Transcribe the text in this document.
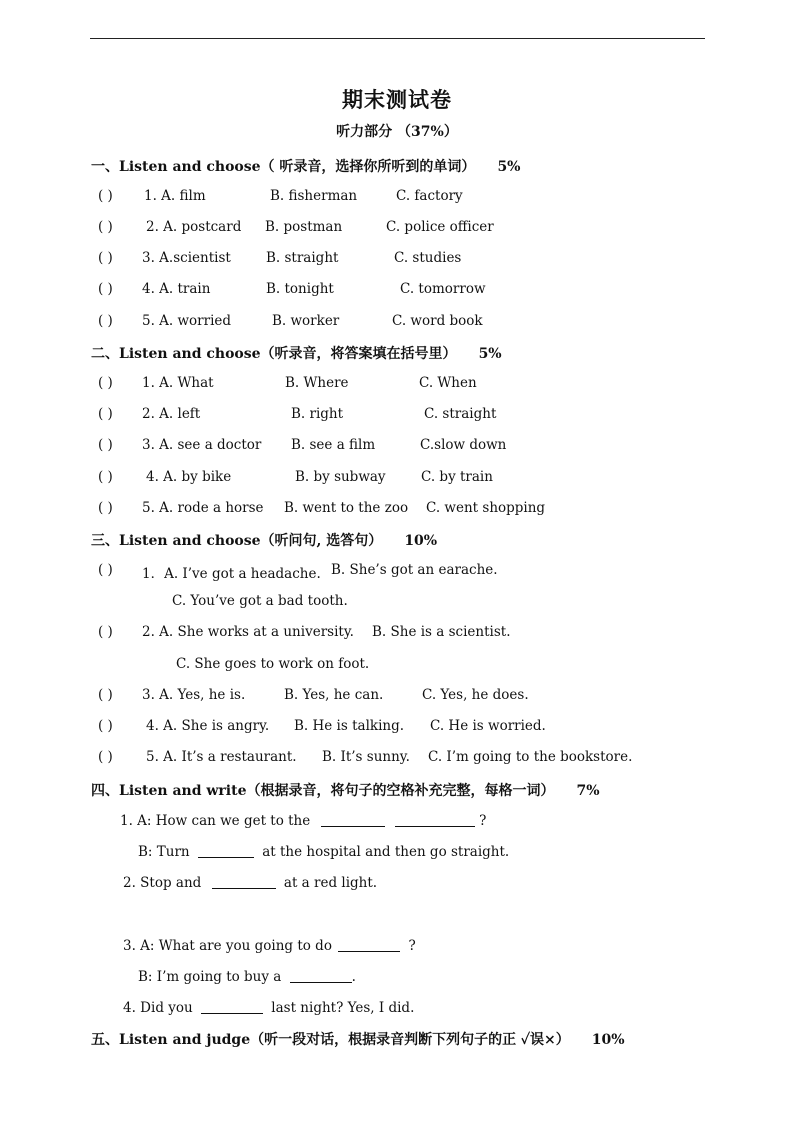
期末测试卷
听力部分 （37%）
一、Listen and choose（ 听录音，选择你所听到的单词） 5%
( ) 1. A. film	B. fisherman	C. factory
( ) 2. A. postcard B. postman	C. police officer
( ) 3. A.scientist	B. straight	C. studies
( ) 4. A. train	B. tonight	C. tomorrow
( ) 5. A. worried	B. worker	C. word book
二、Listen and choose（听录音，将答案填在括号里） 5%
( ) 1. A. What	B. Where	C. When
( ) 2. A. left	B. right	C. straight
( ) 3. A. see a doctor B. see a film	C.slow down
( ) 4. A. by bike	B. by subway	C. by train
( ) 5. A. rode a horse B. went to the zoo C. went shopping
三、Listen and choose（听问句, 选答句） 10%
( ) 1．A. I’ve got a headache. B. She’s got an earache.
C. You’ve got a bad tooth.
( ) 2. A. She works at a university. B. She is a scientist.
C. She goes to work on foot.
( ) 3. A. Yes, he is.	B. Yes, he can.	C. Yes, he does.
( ) 4. A. She is angry. B. He is talking. C. He is worried.
( ) 5. A. It’s a restaurant. B. It’s sunny. C. I’m going to the bookstore.
四、Listen and write（根据录音，将句子的空格补充完整，每格一词） 7%
1. A: How can we get to the	?
B: Turn	at the hospital and then go straight.
2. Stop and	at a red light.
3. A: What are you going to do	?
B: I’m going to buy a	.
4. Did you	last night? Yes, I did.
五、Listen and judge（听一段对话，根据录音判断下列句子的正 ✓误×） 10%
